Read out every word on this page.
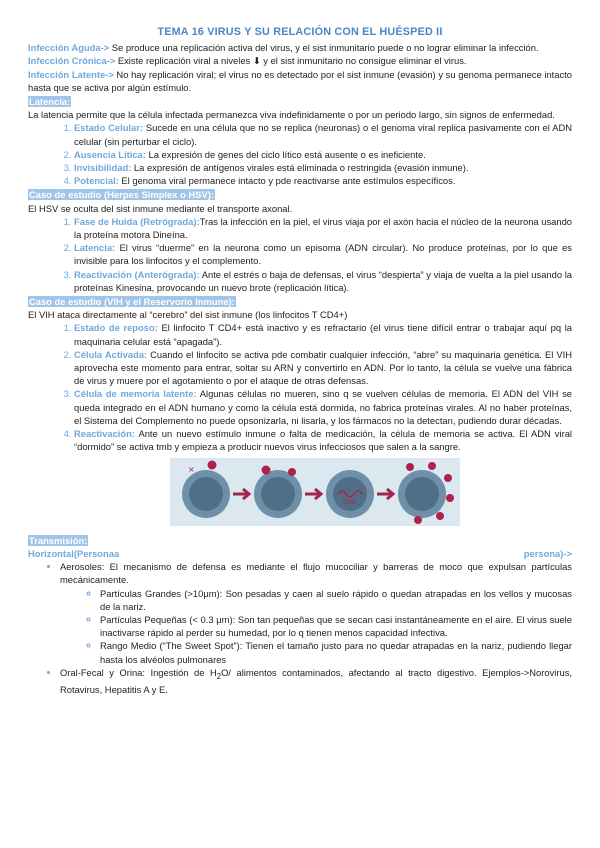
TEMA 16 VIRUS Y SU RELACIÓN CON EL HUÉSPED II

Infección Aguda-> Se produce una replicación activa del virus, y el sist inmunitario puede o no lograr eliminar la infección.

Infección Crónica-> Existe replicación viral a niveles ⬇ y el sist inmunitario no consigue eliminar el virus.

Infección Latente-> No hay replicación viral; el virus no es detectado por el sist inmune (evasión) y su genoma permanece intacto hasta que se activa por algún estímulo.

Latencia:

La latencia permite que la célula infectada permanezca viva indefinidamente o por un periodo largo, sin signos de enfermedad.

1. Estado Celular: Sucede en una célula que no se replica (neuronas) o el genoma viral replica pasivamente con el ADN celular (sin perturbar el ciclo).
2. Ausencia Lítica: La expresión de genes del ciclo lítico está ausente o es ineficiente.
3. Invisibilidad: La expresión de antígenos virales está eliminada o restringida (evasión inmune).
4. Potencial: El genoma viral permanece intacto y pde reactivarse ante estímulos específicos.
Caso de estudio (Herpes Simplex o HSV):

El HSV se oculta del sist inmune mediante el transporte axonal.

1. Fase de Huida (Retrógrada):Tras la infección en la piel, el virus viaja por el axón hacia el núcleo de la neurona usando la proteína motora Dineína.
2. Latencia: El virus “duerme” en la neurona como un episoma (ADN circular). No produce proteínas, por lo que es invisible para los linfocitos y el complemento.
3. Reactivación (Anterógrada): Ante el estrés o baja de defensas, el virus “despierta” y viaja de vuelta a la piel usando la proteínas Kinesina, provocando un nuevo brote (replicación lítica).
Caso de estudio (VIH y el Reservorio Inmune):

El VIH ataca directamente al “cerebro” del sist inmune (los linfocitos T CD4+)

1. Estado de reposo: El linfocito T CD4+ está inactivo y es refractario (el virus tiene difícil entrar o trabajar aquí pq la maquinaria celular está “apagada”).
2. Célula Activada: Cuando el linfocito se activa pde combatir cualquier infección, “abre” su maquinaria genética. El VIH aprovecha este momento para entrar, soltar su ARN y convertirlo en ADN. Por lo tanto, la célula se vuelve una fábrica de virus y muere por el agotamiento o por el ataque de otras defensas.
3. Célula de memoria latente: Algunas células no mueren, sino q se vuelven células de memoria. El ADN del VIH se queda integrado en el ADN humano y como la célula está dormida, no fabrica proteínas virales. Al no haber proteínas, el Sistema del Complemento no puede opsonizarla, ni lisarla, y los fármacos no la detectan, pudiendo durar décadas.
4. Reactivación: Ante un nuevo estímulo inmune o falta de medicación, la célula de memoria se activa. El ADN viral “dormido” se activa tmb y empieza a producir nuevos virus infecciosos que salen a la sangre.
×
DNA
Transmisión:
Horizontal (Persona a	persona)->
• Aerosoles: El mecanismo de defensa es mediante el flujo mucociliar y barreras de moco que expulsan partículas mecánicamente.
◦ Partículas Grandes (>10μm): Son pesadas y caen al suelo rápido o quedan atrapadas en los vellos y mucosas de la nariz.
◦ Partículas Pequeñas (< 0.3 μm): Son tan pequeñas que se secan casi instantáneamente en el aire. El virus suele inactivarse rápido al perder su humedad, por lo q tienen menos capacidad infectiva.
◦ Rango Medio (“The Sweet Spot”): Tienen el tamaño justo para no quedar atrapadas en la nariz, pudiendo llegar hasta los alvéolos pulmonares
• Oral-Fecal y Orina: Ingestión de $H_2O/$ alimentos contaminados, afectando al tracto digestivo. Ejemplos->Norovirus, Rotavirus, Hepatitis A y E.
